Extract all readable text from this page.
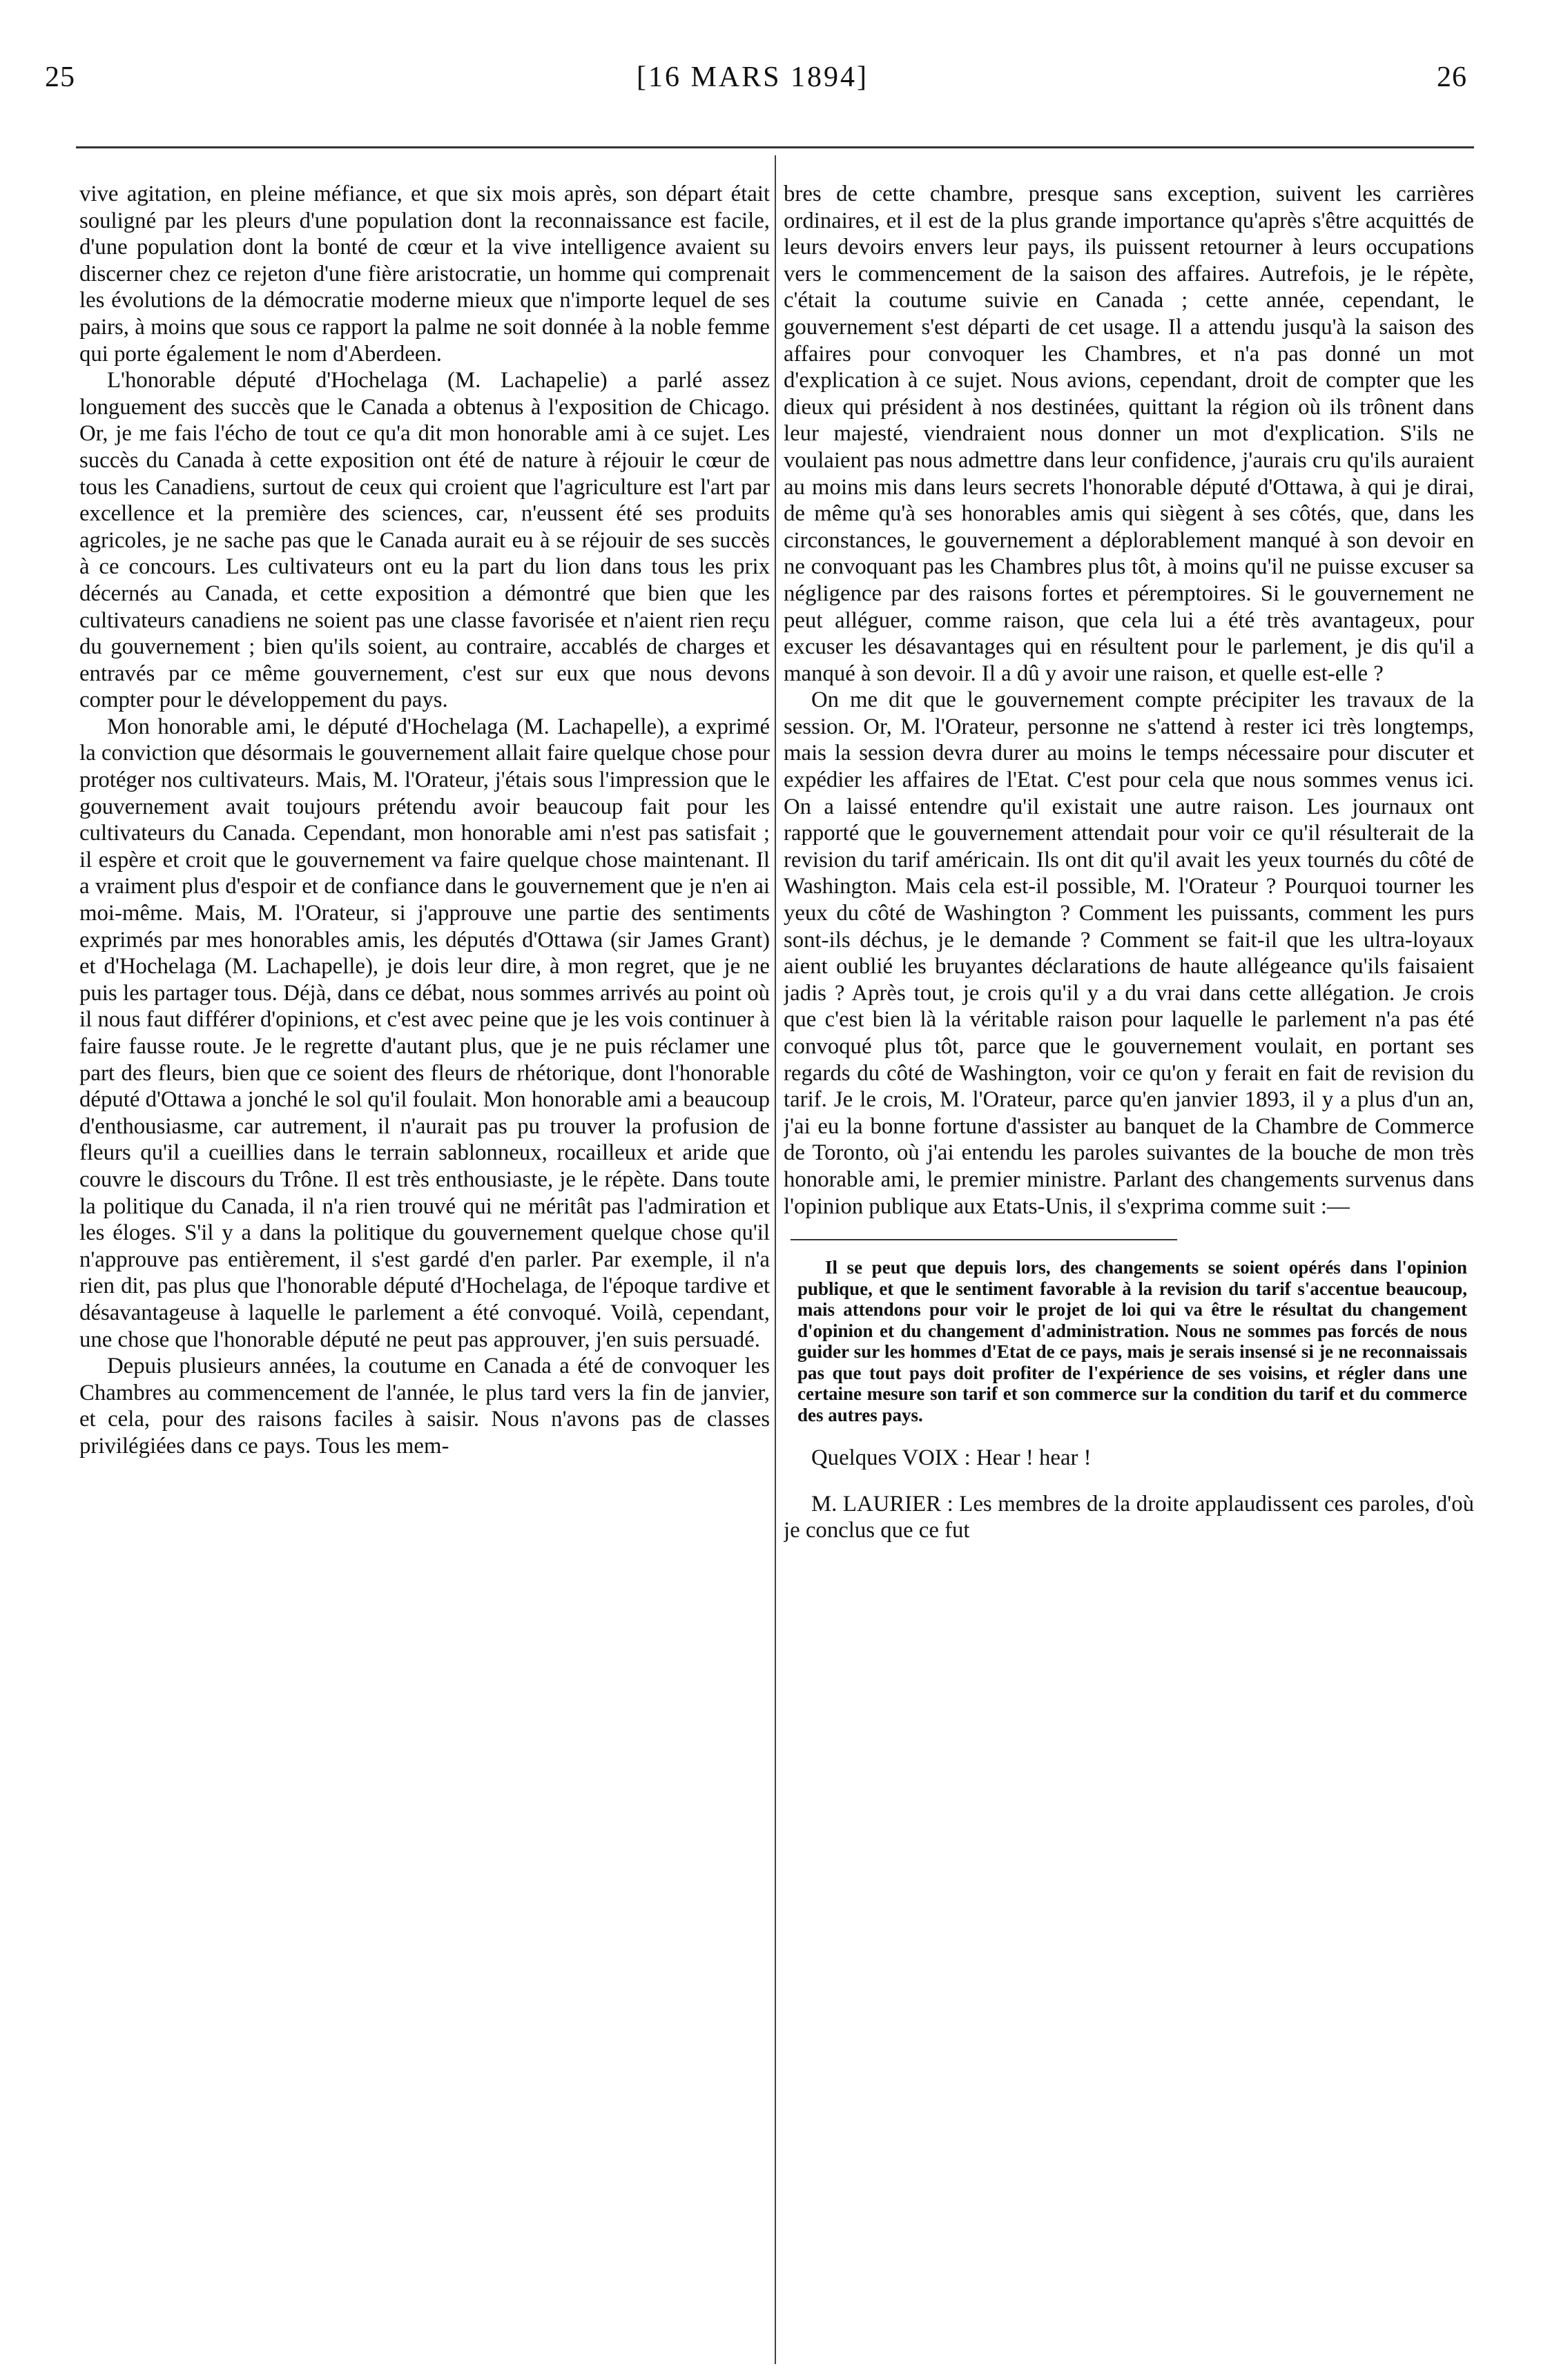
25	[16 MARS 1894]	26

vive agitation, en pleine méfiance, et que six mois après, son départ était souligné par les pleurs d'une population dont la reconnaissance est facile, d'une population dont la bonté de cœur et la vive intelligence avaient su discerner chez ce rejeton d'une fière aristocratie, un homme qui comprenait les évolutions de la démocratie moderne mieux que n'importe lequel de ses pairs, à moins que sous ce rapport la palme ne soit donnée à la noble femme qui porte également le nom d'Aberdeen.

L'honorable député d'Hochelaga (M. Lachapelie) a parlé assez longuement des succès que le Canada a obtenus à l'exposition de Chicago. Or, je me fais l'écho de tout ce qu'a dit mon honorable ami à ce sujet. Les succès du Canada à cette exposition ont été de nature à réjouir le cœur de tous les Canadiens, surtout de ceux qui croient que l'agriculture est l'art par excellence et la première des sciences, car, n'eussent été ses produits agricoles, je ne sache pas que le Canada aurait eu à se réjouir de ses succès à ce concours. Les cultivateurs ont eu la part du lion dans tous les prix décernés au Canada, et cette exposition a démontré que bien que les cultivateurs canadiens ne soient pas une classe favorisée et n'aient rien reçu du gouvernement ; bien qu'ils soient, au contraire, accablés de charges et entravés par ce même gouvernement, c'est sur eux que nous devons compter pour le développement du pays.

Mon honorable ami, le député d'Hochelaga (M. Lachapelle), a exprimé la conviction que désormais le gouvernement allait faire quelque chose pour protéger nos cultivateurs. Mais, M. l'Orateur, j'étais sous l'impression que le gouvernement avait toujours prétendu avoir beaucoup fait pour les cultivateurs du Canada. Cependant, mon honorable ami n'est pas satisfait ; il espère et croit que le gouvernement va faire quelque chose maintenant. Il a vraiment plus d'espoir et de confiance dans le gouvernement que je n'en ai moi-même. Mais, M. l'Orateur, si j'approuve une partie des sentiments exprimés par mes honorables amis, les députés d'Ottawa (sir James Grant) et d'Hochelaga (M. Lachapelle), je dois leur dire, à mon regret, que je ne puis les partager tous. Déjà, dans ce débat, nous sommes arrivés au point où il nous faut différer d'opinions, et c'est avec peine que je les vois continuer à faire fausse route. Je le regrette d'autant plus, que je ne puis réclamer une part des fleurs, bien que ce soient des fleurs de rhétorique, dont l'honorable député d'Ottawa a jonché le sol qu'il foulait. Mon honorable ami a beaucoup d'enthousiasme, car autrement, il n'aurait pas pu trouver la profusion de fleurs qu'il a cueillies dans le terrain sablonneux, rocailleux et aride que couvre le discours du Trône. Il est très enthousiaste, je le répète. Dans toute la politique du Canada, il n'a rien trouvé qui ne méritât pas l'admiration et les éloges. S'il y a dans la politique du gouvernement quelque chose qu'il n'approuve pas entièrement, il s'est gardé d'en parler. Par exemple, il n'a rien dit, pas plus que l'honorable député d'Hochelaga, de l'époque tardive et désavantageuse à laquelle le parlement a été convoqué. Voilà, cependant, une chose que l'honorable député ne peut pas approuver, j'en suis persuadé.

Depuis plusieurs années, la coutume en Canada a été de convoquer les Chambres au commencement de l'année, le plus tard vers la fin de janvier, et cela, pour des raisons faciles à saisir. Nous n'avons pas de classes privilégiées dans ce pays. Tous les mem-

bres de cette chambre, presque sans exception, suivent les carrières ordinaires, et il est de la plus grande importance qu'après s'être acquittés de leurs devoirs envers leur pays, ils puissent retourner à leurs occupations vers le commencement de la saison des affaires. Autrefois, je le répète, c'était la coutume suivie en Canada ; cette année, cependant, le gouvernement s'est départi de cet usage. Il a attendu jusqu'à la saison des affaires pour convoquer les Chambres, et n'a pas donné un mot d'explication à ce sujet. Nous avions, cependant, droit de compter que les dieux qui président à nos destinées, quittant la région où ils trônent dans leur majesté, viendraient nous donner un mot d'explication. S'ils ne voulaient pas nous admettre dans leur confidence, j'aurais cru qu'ils auraient au moins mis dans leurs secrets l'honorable député d'Ottawa, à qui je dirai, de même qu'à ses honorables amis qui siègent à ses côtés, que, dans les circonstances, le gouvernement a déplorablement manqué à son devoir en ne convoquant pas les Chambres plus tôt, à moins qu'il ne puisse excuser sa négligence par des raisons fortes et péremptoires. Si le gouvernement ne peut alléguer, comme raison, que cela lui a été très avantageux, pour excuser les désavantages qui en résultent pour le parlement, je dis qu'il a manqué à son devoir. Il a dû y avoir une raison, et quelle est-elle ?

On me dit que le gouvernement compte précipiter les travaux de la session. Or, M. l'Orateur, personne ne s'attend à rester ici très longtemps, mais la session devra durer au moins le temps nécessaire pour discuter et expédier les affaires de l'Etat. C'est pour cela que nous sommes venus ici. On a laissé entendre qu'il existait une autre raison. Les journaux ont rapporté que le gouvernement attendait pour voir ce qu'il résulterait de la revision du tarif américain. Ils ont dit qu'il avait les yeux tournés du côté de Washington. Mais cela est-il possible, M. l'Orateur ? Pourquoi tourner les yeux du côté de Washington ? Comment les puissants, comment les purs sont-ils déchus, je le demande ? Comment se fait-il que les ultra-loyaux aient oublié les bruyantes déclarations de haute allégeance qu'ils faisaient jadis ? Après tout, je crois qu'il y a du vrai dans cette allégation. Je crois que c'est bien là la véritable raison pour laquelle le parlement n'a pas été convoqué plus tôt, parce que le gouvernement voulait, en portant ses regards du côté de Washington, voir ce qu'on y ferait en fait de revision du tarif. Je le crois, M. l'Orateur, parce qu'en janvier 1893, il y a plus d'un an, j'ai eu la bonne fortune d'assister au banquet de la Chambre de Commerce de Toronto, où j'ai entendu les paroles suivantes de la bouche de mon très honorable ami, le premier ministre. Parlant des changements survenus dans l'opinion publique aux Etats-Unis, il s'exprima comme suit :—

Il se peut que depuis lors, des changements se soient opérés dans l'opinion publique, et que le sentiment favorable à la revision du tarif s'accentue beaucoup, mais attendons pour voir le projet de loi qui va être le résultat du changement d'opinion et du changement d'administration. Nous ne sommes pas forcés de nous guider sur les hommes d'Etat de ce pays, mais je serais insensé si je ne reconnaissais pas que tout pays doit profiter de l'expérience de ses voisins, et régler dans une certaine mesure son tarif et son commerce sur la condition du tarif et du commerce des autres pays.

Quelques VOIX : Hear ! hear !

M. LAURIER : Les membres de la droite applaudissent ces paroles, d'où je conclus que ce fut
